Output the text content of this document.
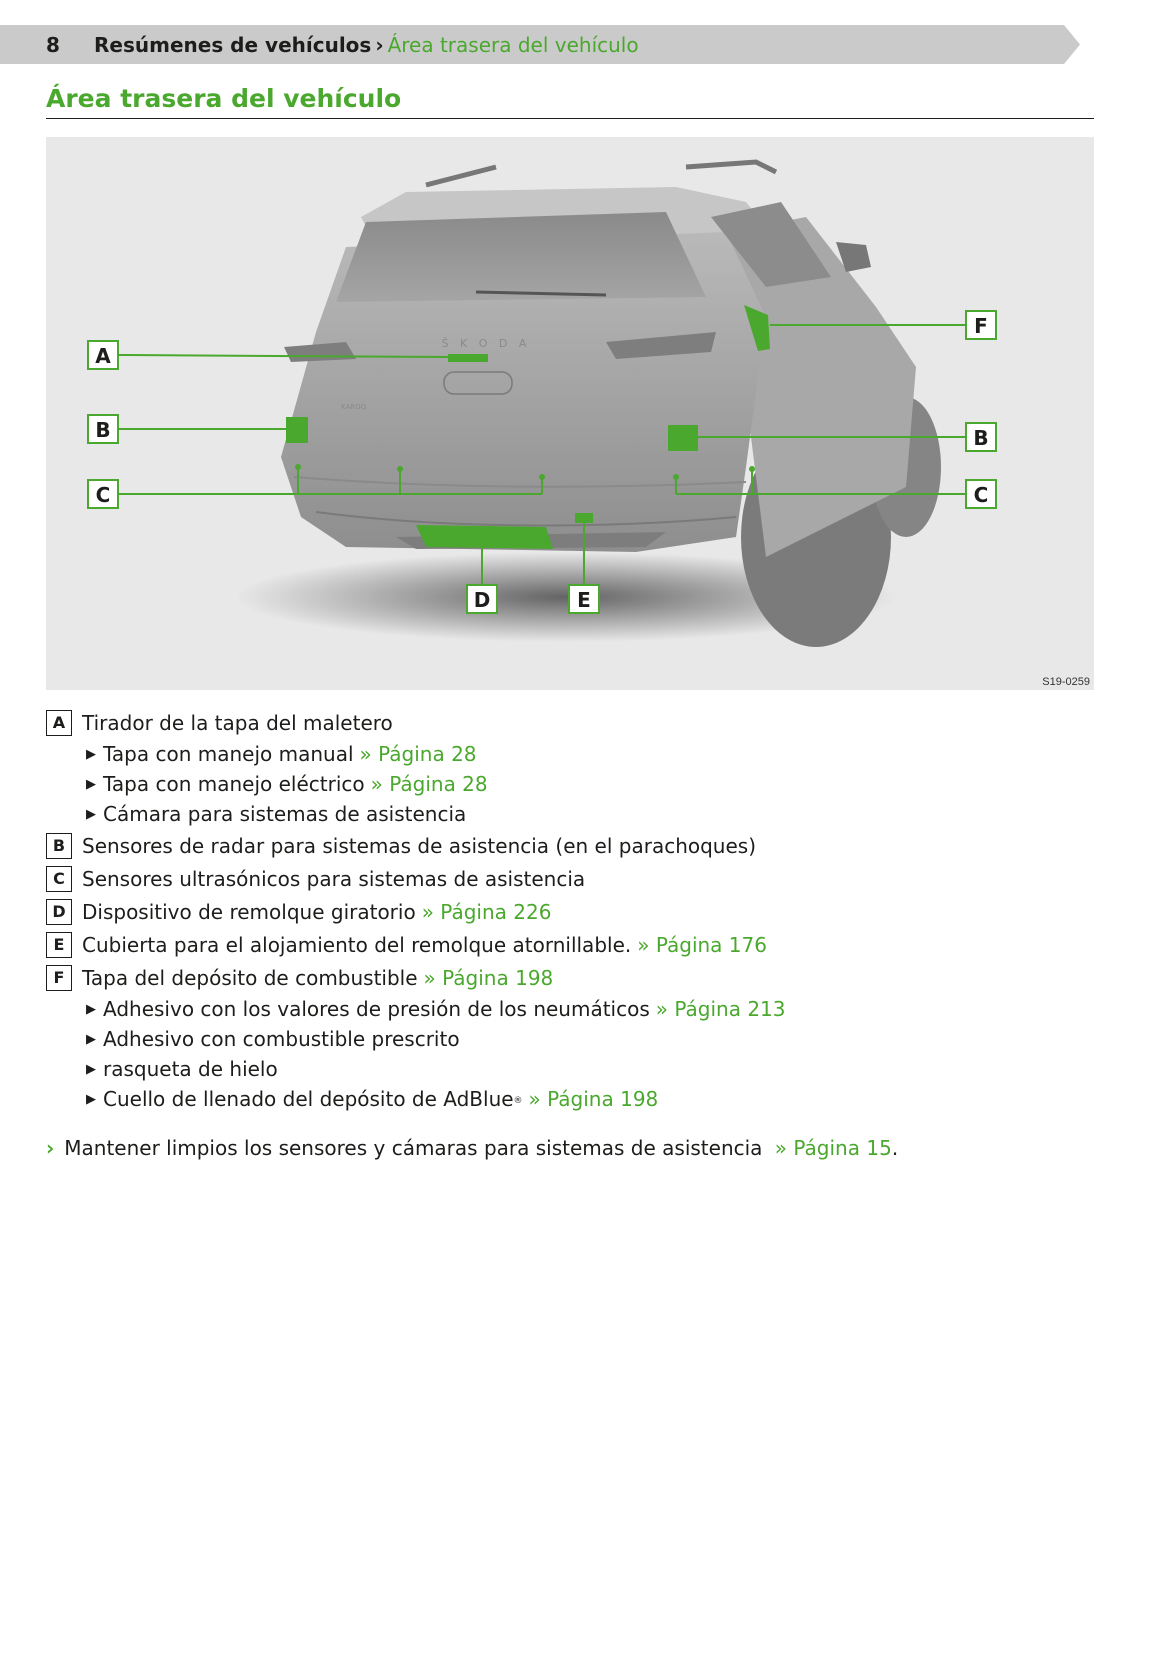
8 Resúmenes de vehículos › Área trasera del vehículo
Área trasera del vehículo
Š K O D A
KAROQ
A
B
C
F
B
C
D	E
S19-0259
A Tirador de la tapa del maletero
▶ Tapa con manejo manual » Página 28
▶ Tapa con manejo eléctrico » Página 28
▶ Cámara para sistemas de asistencia
B Sensores de radar para sistemas de asistencia (en el parachoques)
C Sensores ultrasónicos para sistemas de asistencia
D Dispositivo de remolque giratorio » Página 226
E Cubierta para el alojamiento del remolque atornillable. » Página 176
F Tapa del depósito de combustible » Página 198
▶ Adhesivo con los valores de presión de los neumáticos » Página 213
▶ Adhesivo con combustible prescrito
▶ rasqueta de hielo
▶ Cuello de llenado del depósito de AdBlue® » Página 198
› Mantener limpios los sensores y cámaras para sistemas de asistencia » Página 15.
